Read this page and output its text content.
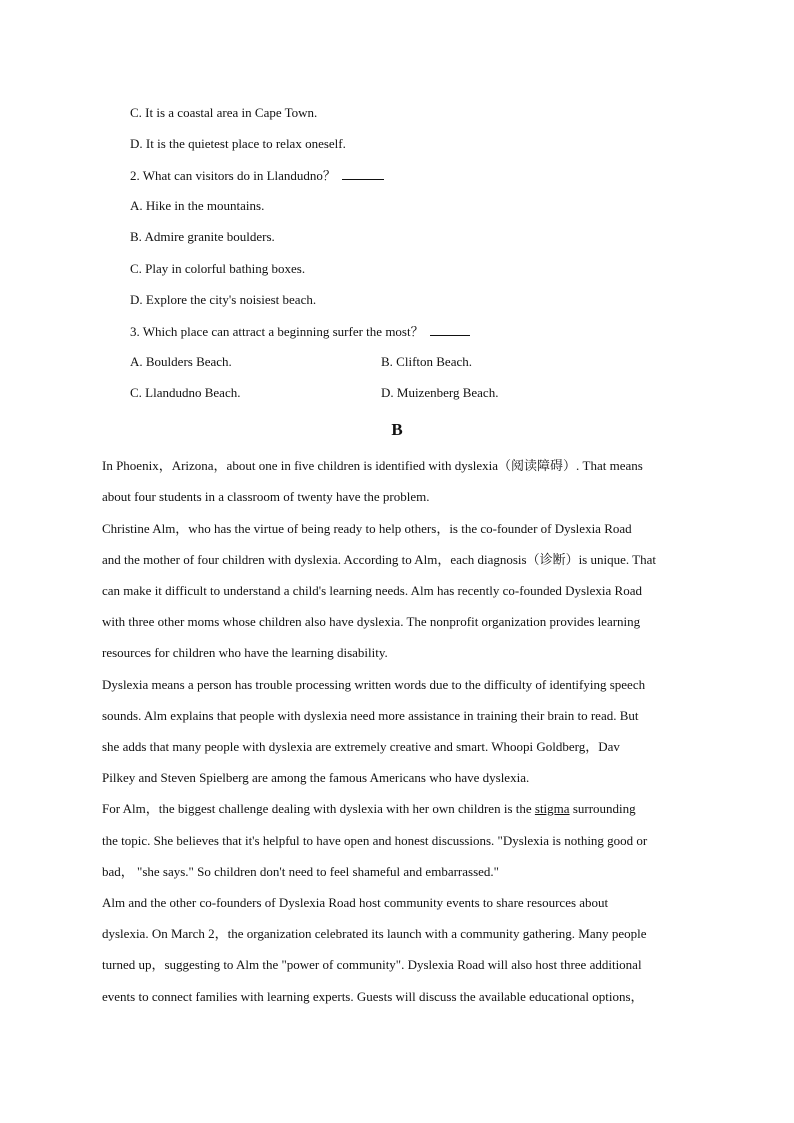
C. It is a coastal area in Cape Town.
D. It is the quietest place to relax oneself.
2. What can visitors do in Llandudno？
A. Hike in the mountains.
B. Admire granite boulders.
C. Play in colorful bathing boxes.
D. Explore the city's noisiest beach.
3. Which place can attract a beginning surfer the most？
A. Boulders Beach.	B. Clifton Beach.
C. Llandudno Beach.	D. Muizenberg Beach.
B
In Phoenix，Arizona，about one in five children is identified with dyslexia（阅读障碍）. That means
about four students in a classroom of twenty have the problem.
Christine Alm，who has the virtue of being ready to help others，is the co-founder of Dyslexia Road
and the mother of four children with dyslexia. According to Alm，each diagnosis（诊断）is unique. That
can make it difficult to understand a child's learning needs. Alm has recently co-founded Dyslexia Road
with three other moms whose children also have dyslexia. The nonprofit organization provides learning
resources for children who have the learning disability.
Dyslexia means a person has trouble processing written words due to the difficulty of identifying speech
sounds. Alm explains that people with dyslexia need more assistance in training their brain to read. But
she adds that many people with dyslexia are extremely creative and smart. Whoopi Goldberg，Dav
Pilkey and Steven Spielberg are among the famous Americans who have dyslexia.
For Alm，the biggest challenge dealing with dyslexia with her own children is the stigma surrounding
the topic. She believes that it's helpful to have open and honest discussions. "Dyslexia is nothing good or
bad， "she says." So children don't need to feel shameful and embarrassed."
Alm and the other co-founders of Dyslexia Road host community events to share resources about
dyslexia. On March 2，the organization celebrated its launch with a community gathering. Many people
turned up，suggesting to Alm the "power of community". Dyslexia Road will also host three additional
events to connect families with learning experts. Guests will discuss the available educational options，
